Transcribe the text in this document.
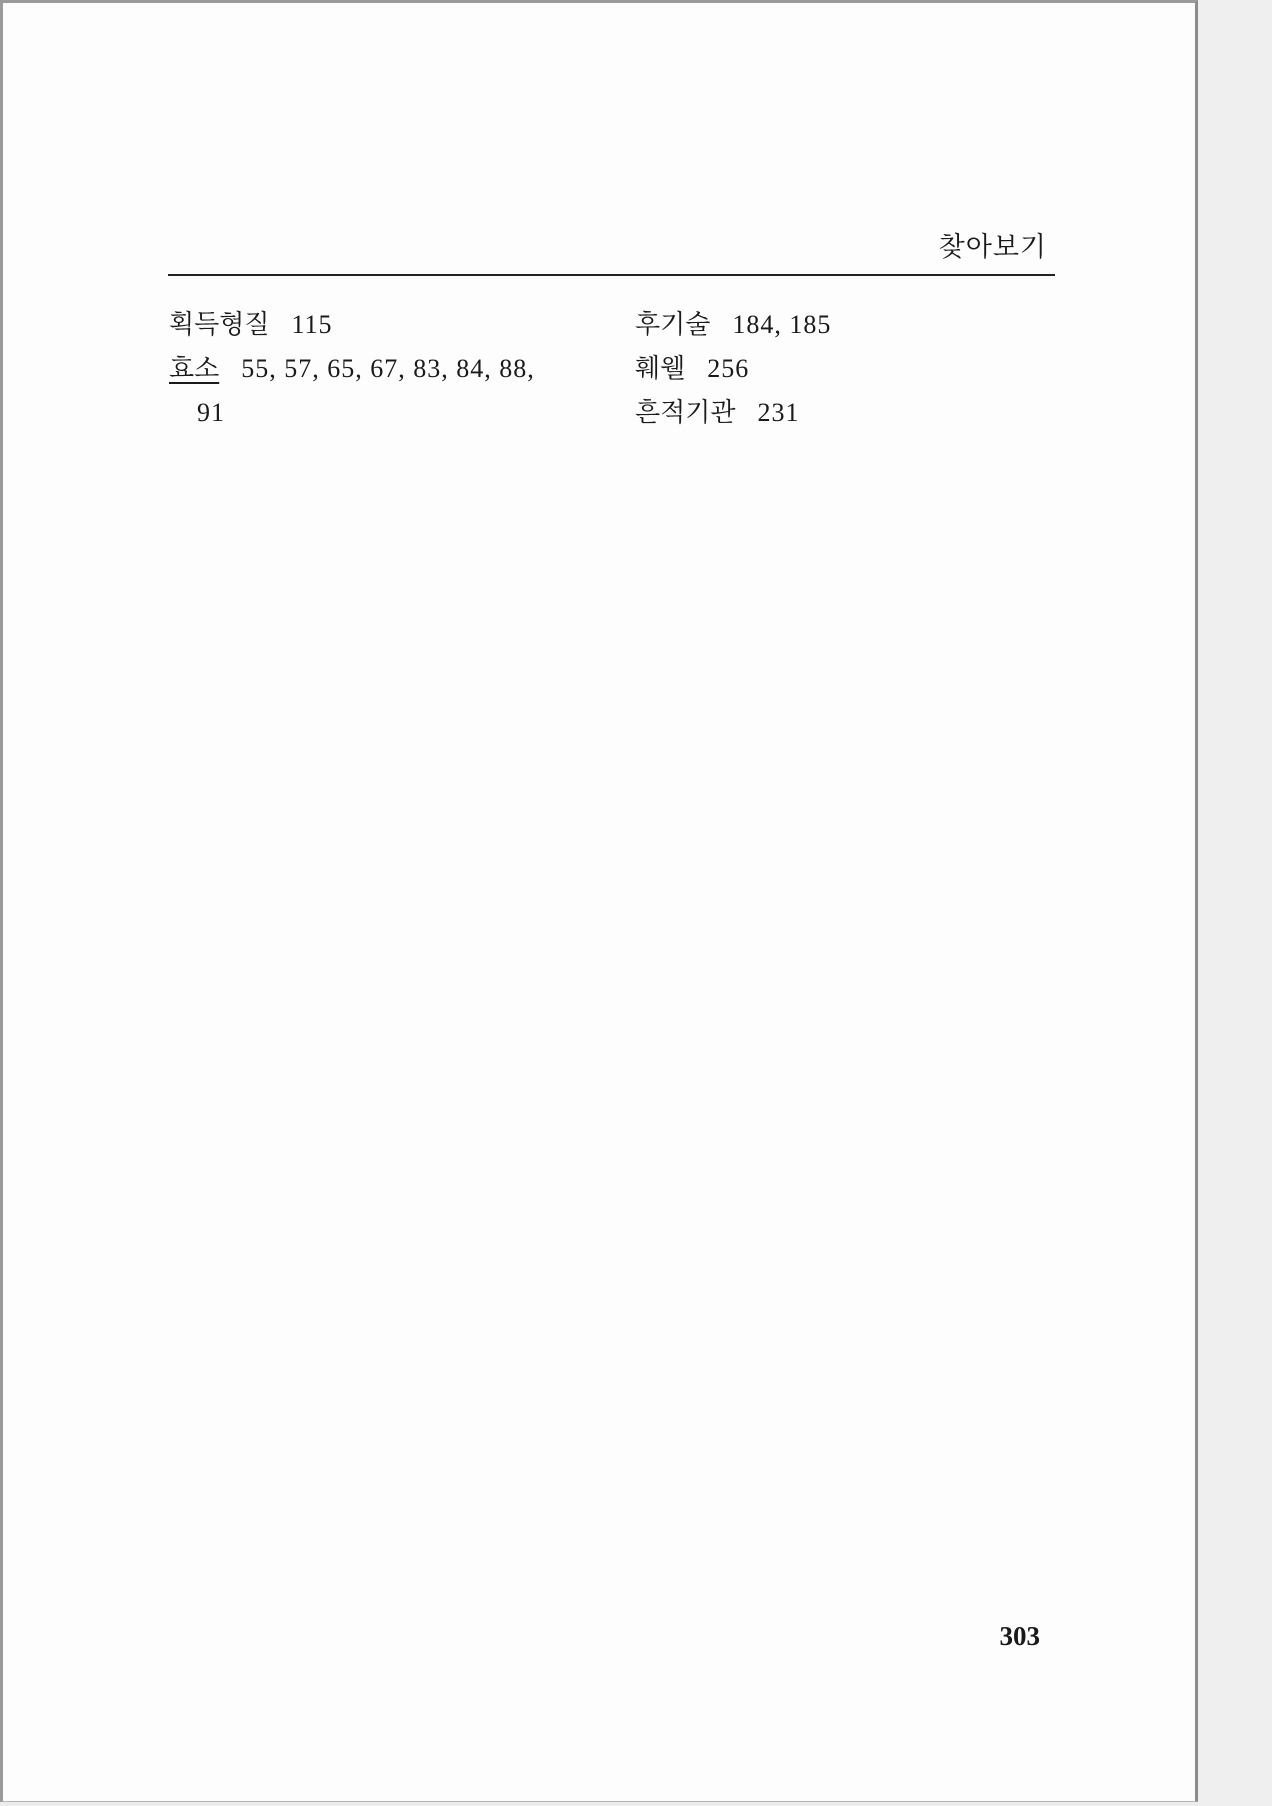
찾아보기
획득형질 115
효소 55, 57, 65, 67, 83, 84, 88,
91
후기술 184, 185
훼웰 256
흔적기관 231
303
